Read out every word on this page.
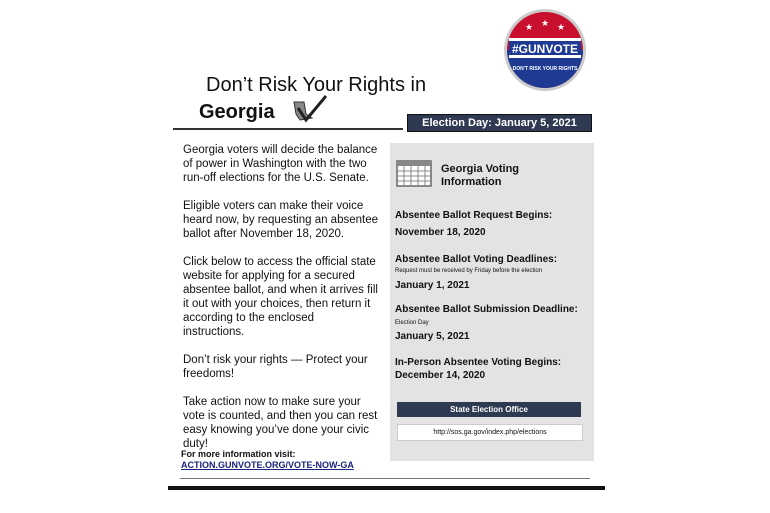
#GUNVOTE
★ ★ ★
DON'T RISK YOUR RIGHTS
Don’t Risk Your Rights in
Georgia	Election Day: January 5, 2021

Georgia voters will decide the balance of power in Washington with the two run-off elections for the U.S. Senate.

Eligible voters can make their voice heard now, by requesting an absentee ballot after November 18, 2020.

Click below to access the official state website for applying for a secured absentee ballot, and when it arrives fill it out with your choices, then return it according to the enclosed instructions.

Don’t risk your rights — Protect your freedoms!

Take action now to make sure your vote is counted, and then you can rest easy knowing you’ve done your civic duty!

For more information visit:
ACTION.GUNVOTE.ORG/VOTE-NOW-GA
Georgia Voting
Information
Absentee Ballot Request Begins:
November 18, 2020
Absentee Ballot Voting Deadlines:
Request must be received by Friday before the election
January 1, 2021
Absentee Ballot Submission Deadline:
Election Day
January 5, 2021
In-Person Absentee Voting Begins:
December 14, 2020
State Election Office
http://sos.ga.gov/index.php/elections
